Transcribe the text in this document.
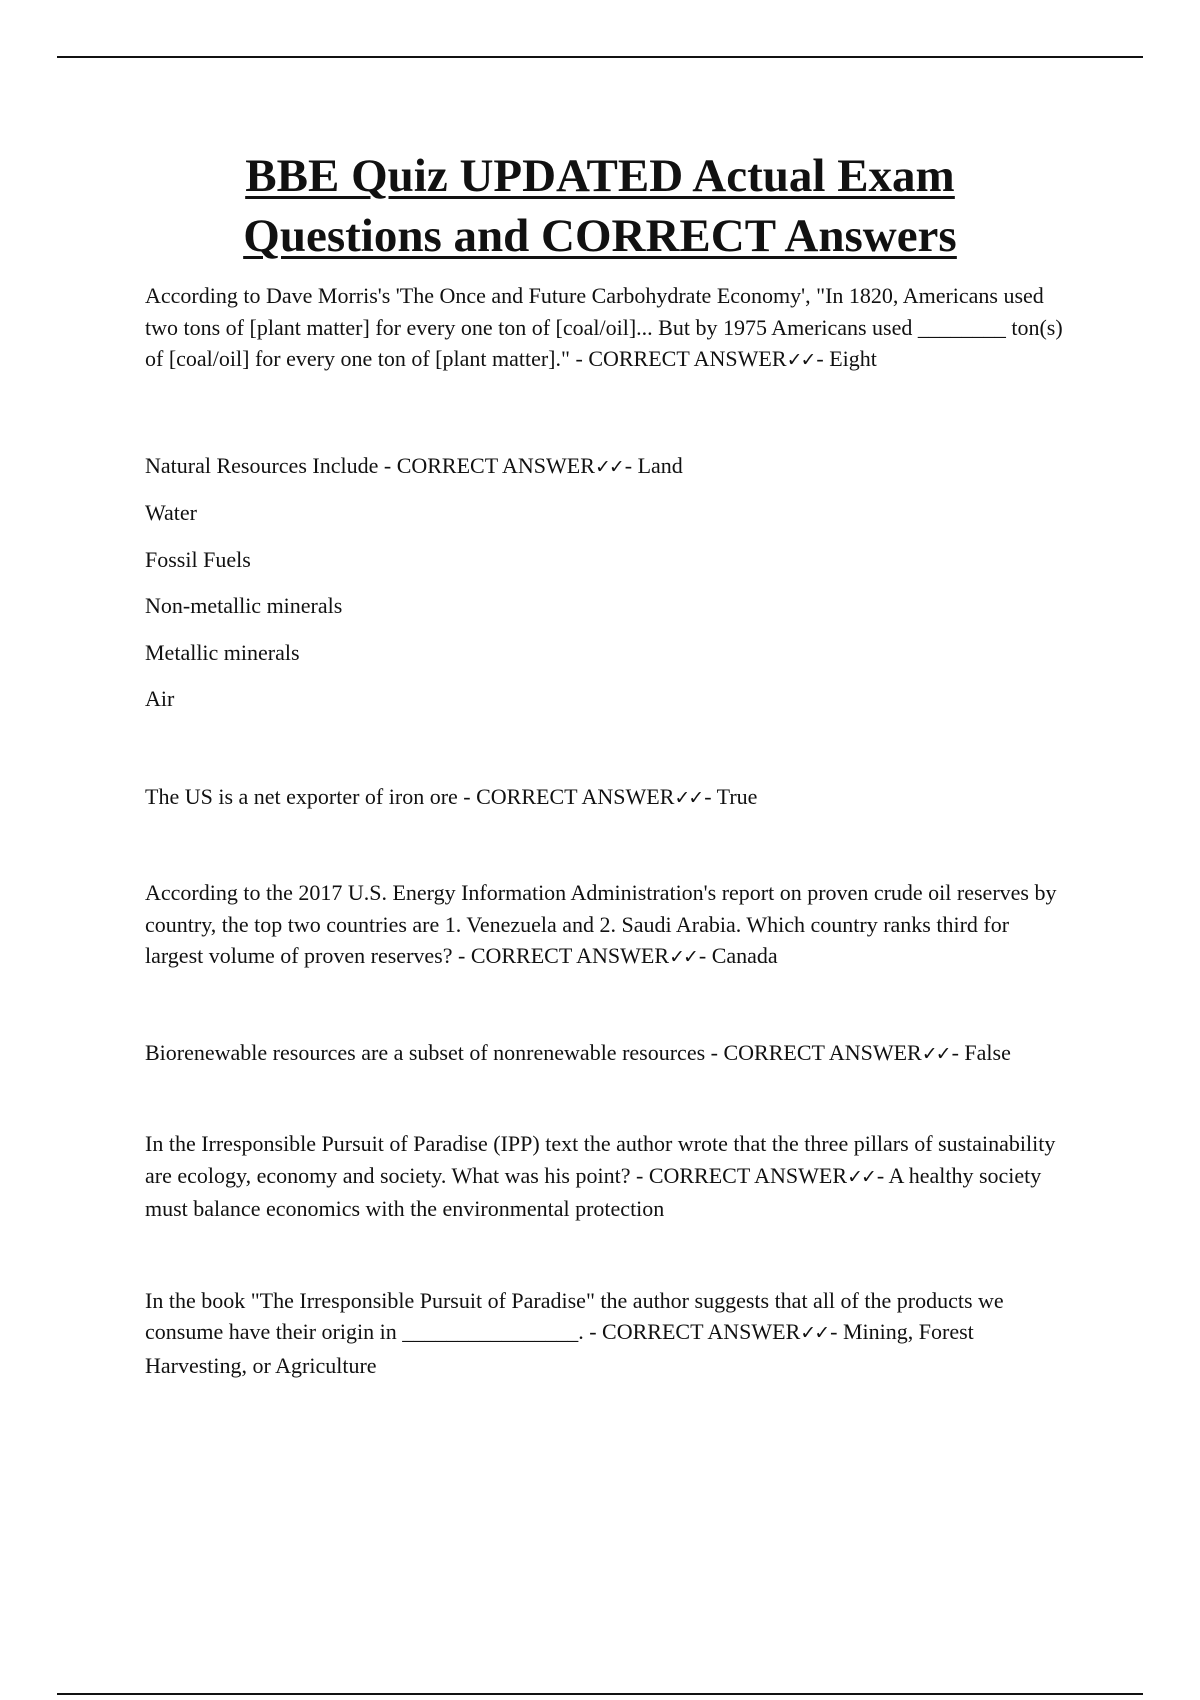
BBE Quiz UPDATED Actual Exam
Questions and CORRECT Answers

According to Dave Morris's 'The Once and Future Carbohydrate Economy', "In 1820, Americans used two tons of [plant matter] for every one ton of [coal/oil]... But by 1975 Americans used ________ ton(s) of [coal/oil] for every one ton of [plant matter]." - CORRECT ANSWER✓✓- Eight

Natural Resources Include - CORRECT ANSWER✓✓- Land

Water

Fossil Fuels

Non-metallic minerals

Metallic minerals

Air

The US is a net exporter of iron ore - CORRECT ANSWER✓✓- True

According to the 2017 U.S. Energy Information Administration's report on proven crude oil reserves by country, the top two countries are 1. Venezuela and 2. Saudi Arabia. Which country ranks third for largest volume of proven reserves? - CORRECT ANSWER✓✓- Canada

Biorenewable resources are a subset of nonrenewable resources - CORRECT ANSWER✓✓- False

In the Irresponsible Pursuit of Paradise (IPP) text the author wrote that the three pillars of sustainability are ecology, economy and society. What was his point? - CORRECT ANSWER✓✓- A healthy society must balance economics with the environmental protection

In the book "The Irresponsible Pursuit of Paradise" the author suggests that all of the products we consume have their origin in ________________. - CORRECT ANSWER✓✓- Mining, Forest Harvesting, or Agriculture
